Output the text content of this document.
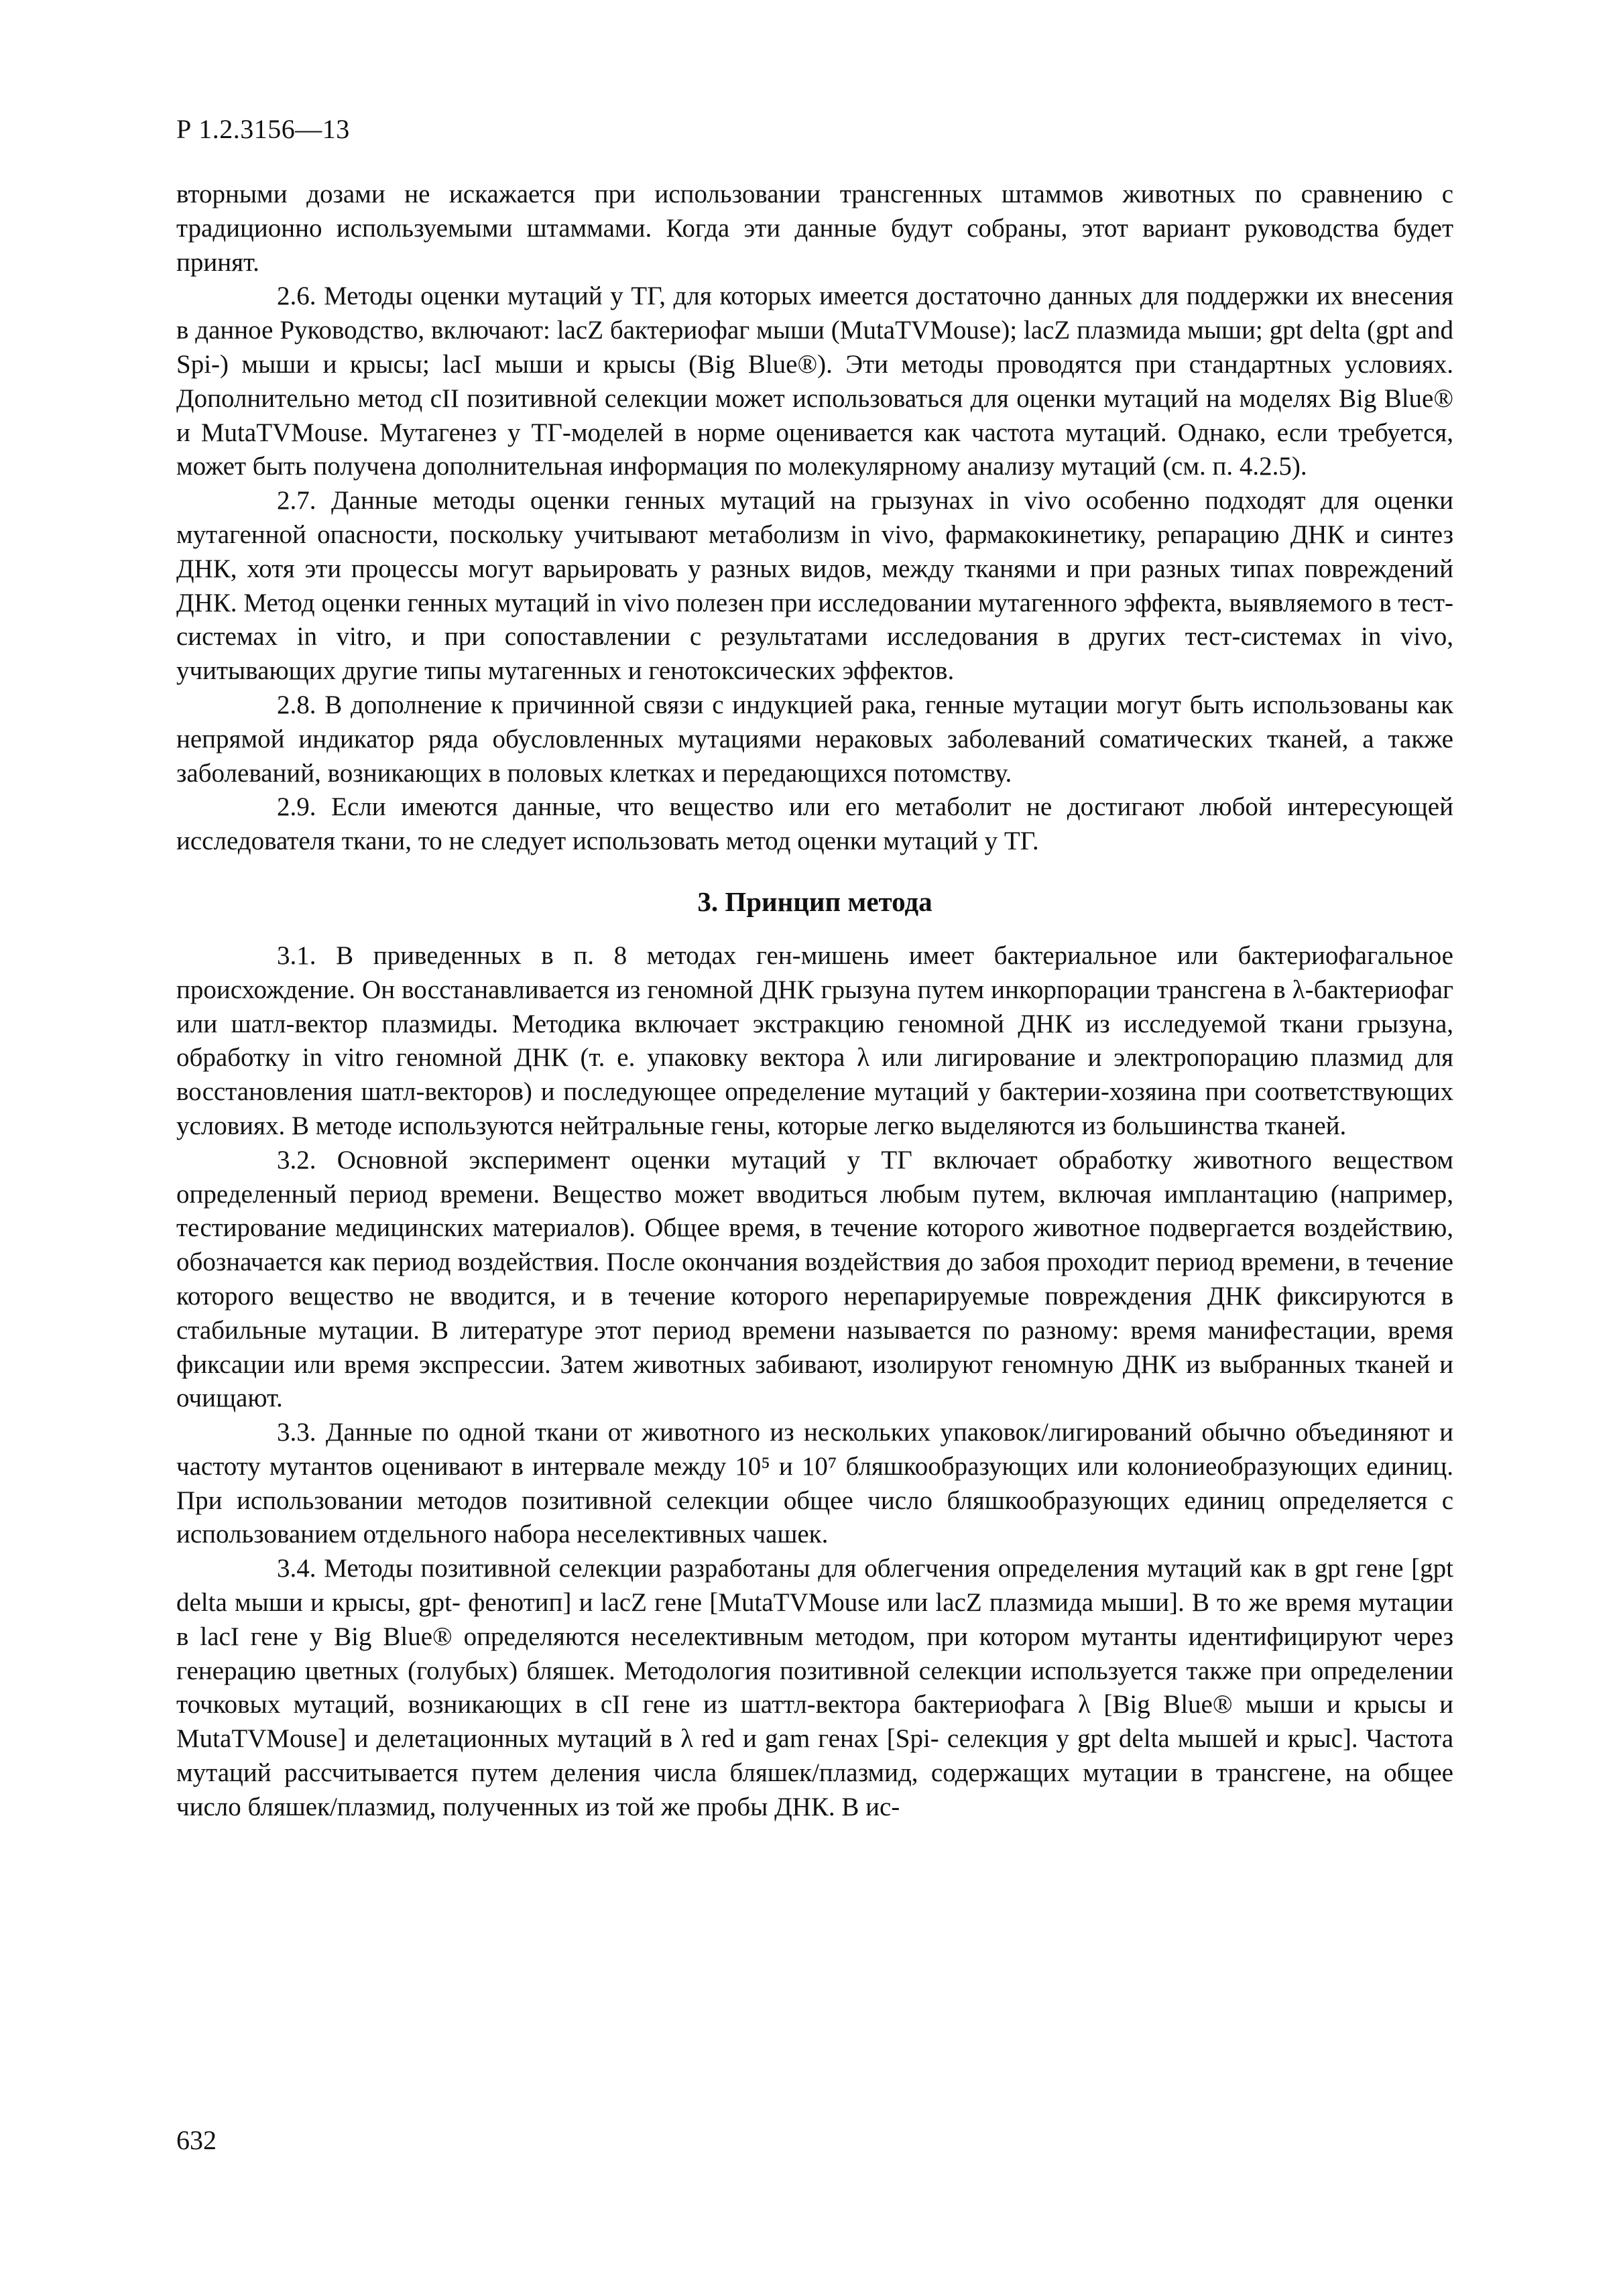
Р 1.2.3156—13

вторными дозами не искажается при использовании трансгенных штаммов животных по сравнению с традиционно используемыми штаммами. Когда эти данные будут собраны, этот вариант руководства будет принят.

2.6. Методы оценки мутаций у ТГ, для которых имеется достаточно данных для поддержки их внесения в данное Руководство, включают: lacZ бактериофаг мыши (MutaTVMouse); lacZ плазмида мыши; gpt delta (gpt and Spi-) мыши и крысы; lacI мыши и крысы (Big Blue®). Эти методы проводятся при стандартных условиях. Дополнительно метод cII позитивной селекции может использоваться для оценки мутаций на моделях Big Blue® и MutaTVMouse. Мутагенез у ТГ-моделей в норме оценивается как частота мутаций. Однако, если требуется, может быть получена дополнительная информация по молекулярному анализу мутаций (см. п. 4.2.5).

2.7. Данные методы оценки генных мутаций на грызунах in vivo особенно подходят для оценки мутагенной опасности, поскольку учитывают метаболизм in vivo, фармакокинетику, репарацию ДНК и синтез ДНК, хотя эти процессы могут варьировать у разных видов, между тканями и при разных типах повреждений ДНК. Метод оценки генных мутаций in vivo полезен при исследовании мутагенного эффекта, выявляемого в тест-системах in vitro, и при сопоставлении с результатами исследования в других тест-системах in vivo, учитывающих другие типы мутагенных и генотоксических эффектов.

2.8. В дополнение к причинной связи с индукцией рака, генные мутации могут быть использованы как непрямой индикатор ряда обусловленных мутациями нераковых заболеваний соматических тканей, а также заболеваний, возникающих в половых клетках и передающихся потомству.

2.9. Если имеются данные, что вещество или его метаболит не достигают любой интересующей исследователя ткани, то не следует использовать метод оценки мутаций у ТГ.

3. Принцип метода

3.1. В приведенных в п. 8 методах ген-мишень имеет бактериальное или бактериофагальное происхождение. Он восстанавливается из геномной ДНК грызуна путем инкорпорации трансгена в λ-бактериофаг или шатл-вектор плазмиды. Методика включает экстракцию геномной ДНК из исследуемой ткани грызуна, обработку in vitro геномной ДНК (т. е. упаковку вектора λ или лигирование и электропорацию плазмид для восстановления шатл-векторов) и последующее определение мутаций у бактерии-хозяина при соответствующих условиях. В методе используются нейтральные гены, которые легко выделяются из большинства тканей.

3.2. Основной эксперимент оценки мутаций у ТГ включает обработку животного веществом определенный период времени. Вещество может вводиться любым путем, включая имплантацию (например, тестирование медицинских материалов). Общее время, в течение которого животное подвергается воздействию, обозначается как период воздействия. После окончания воздействия до забоя проходит период времени, в течение которого вещество не вводится, и в течение которого нерепарируемые повреждения ДНК фиксируются в стабильные мутации. В литературе этот период времени называется по разному: время манифестации, время фиксации или время экспрессии. Затем животных забивают, изолируют геномную ДНК из выбранных тканей и очищают.

3.3. Данные по одной ткани от животного из нескольких упаковок/лигирований обычно объединяют и частоту мутантов оценивают в интервале между 10⁵ и 10⁷ бляшкообразующих или колониеобразующих единиц. При использовании методов позитивной селекции общее число бляшкообразующих единиц определяется с использованием отдельного набора неселективных чашек.

3.4. Методы позитивной селекции разработаны для облегчения определения мутаций как в gpt гене [gpt delta мыши и крысы, gpt- фенотип] и lacZ гене [MutaTVMouse или lacZ плазмида мыши]. В то же время мутации в lacI гене у Big Blue® определяются неселективным методом, при котором мутанты идентифицируют через генерацию цветных (голубых) бляшек. Методология позитивной селекции используется также при определении точковых мутаций, возникающих в cII гене из шаттл-вектора бактериофага λ [Big Blue® мыши и крысы и MutaTVMouse] и делетационных мутаций в λ red и gam генах [Spi- селекция у gpt delta мышей и крыс]. Частота мутаций рассчитывается путем деления числа бляшек/плазмид, содержащих мутации в трансгене, на общее число бляшек/плазмид, полученных из той же пробы ДНК. В ис-

632
